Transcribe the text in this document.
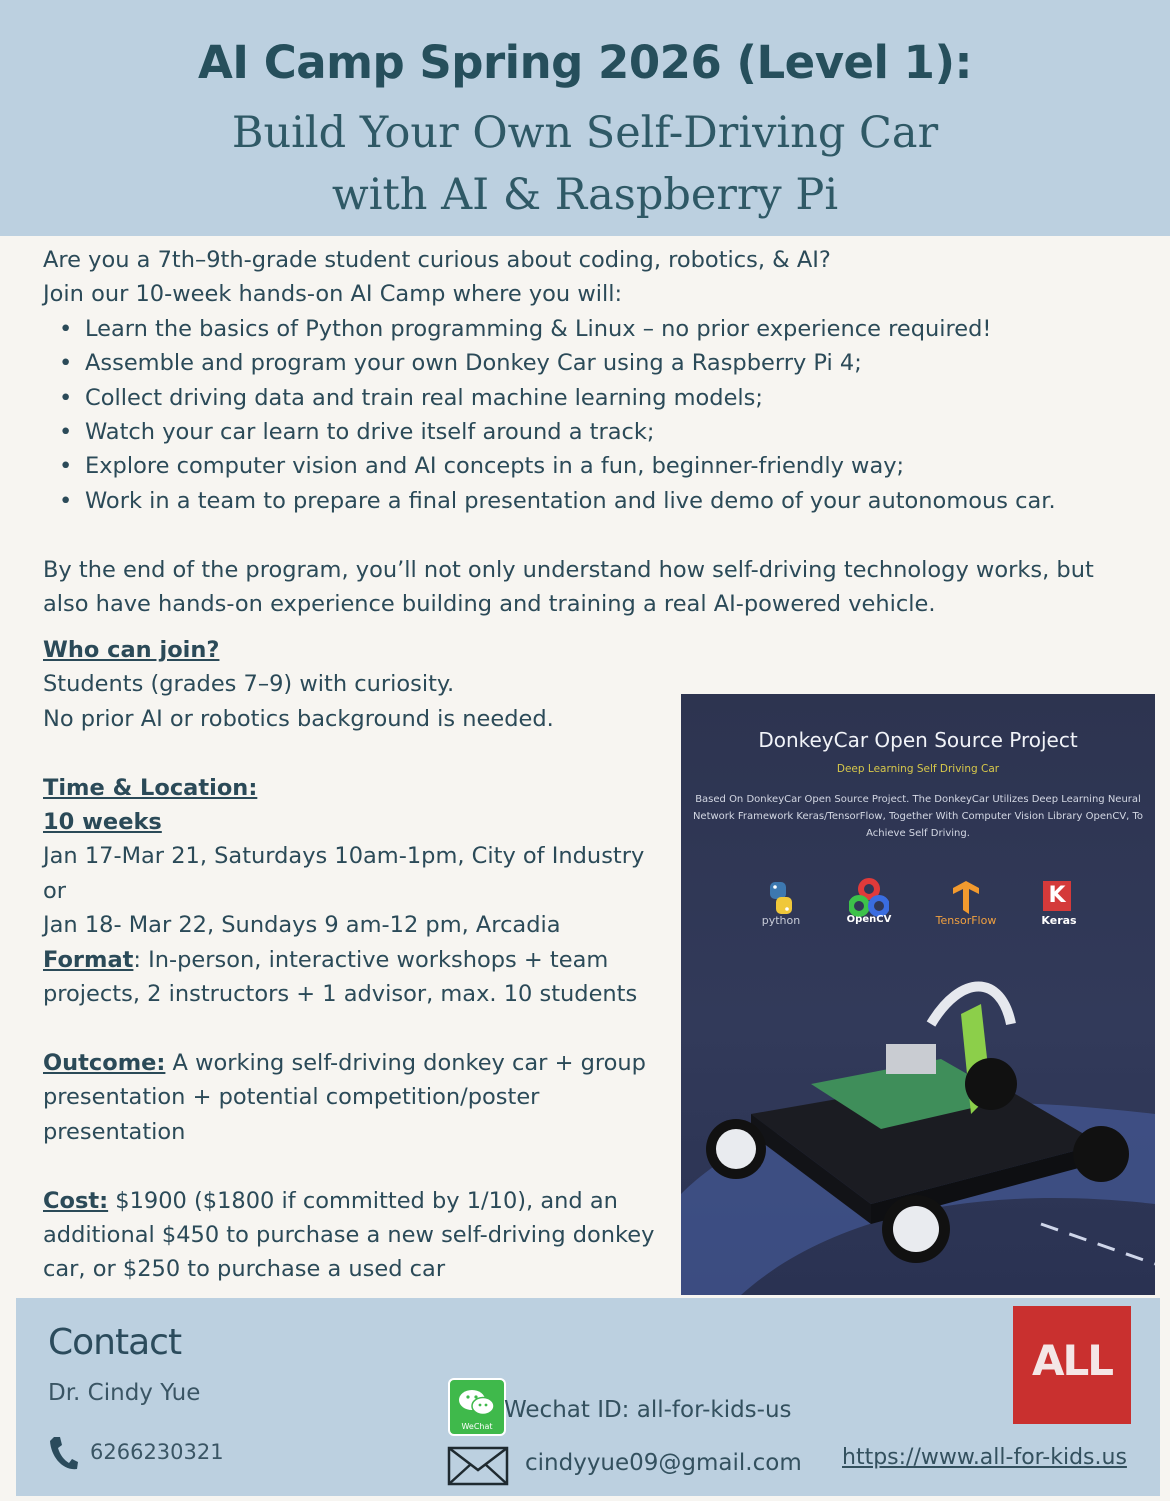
AI Camp Spring 2026 (Level 1):
Build Your Own Self-Driving Car
with AI & Raspberry Pi

Are you a 7th–9th-grade student curious about coding, robotics, & AI?

Join our 10-week hands-on AI Camp where you will:

• Learn the basics of Python programming & Linux – no prior experience required!
• Assemble and program your own Donkey Car using a Raspberry Pi 4;
• Collect driving data and train real machine learning models;
• Watch your car learn to drive itself around a track;
• Explore computer vision and AI concepts in a fun, beginner-friendly way;
• Work in a team to prepare a final presentation and live demo of your autonomous car.

By the end of the program, you’ll not only understand how self-driving technology works, but

also have hands-on experience building and training a real AI-powered vehicle.

Who can join?

Students (grades 7–9) with curiosity.

No prior AI or robotics background is needed.

Time & Location:

10 weeks

Jan 17-Mar 21, Saturdays 10am-1pm, City of Industry

or

Jan 18- Mar 22, Sundays 9 am-12 pm, Arcadia

Format: In-person, interactive workshops + team

projects, 2 instructors + 1 advisor, max. 10 students

Outcome: A working self-driving donkey car + group

presentation + potential competition/poster

presentation

Cost: $1900 ($1800 if committed by 1/10), and an

additional $450 to purchase a new self-driving donkey

car, or $250 to purchase a used car

DonkeyCar Open Source Project
Deep Learning Self Driving Car
Based On DonkeyCar Open Source Project. The DonkeyCar Utilizes Deep Learning Neural Network Framework Keras/TensorFlow, Together With Computer Vision Library OpenCV, To Achieve Self Driving.
python	OpenCV	TensorFlow
K
Keras
Contact
Dr. Cindy Yue
6266230321
WeChat
Wechat ID: all-for-kids-us
cindyyue09@gmail.com https://www.all-for-kids.us
ALL
